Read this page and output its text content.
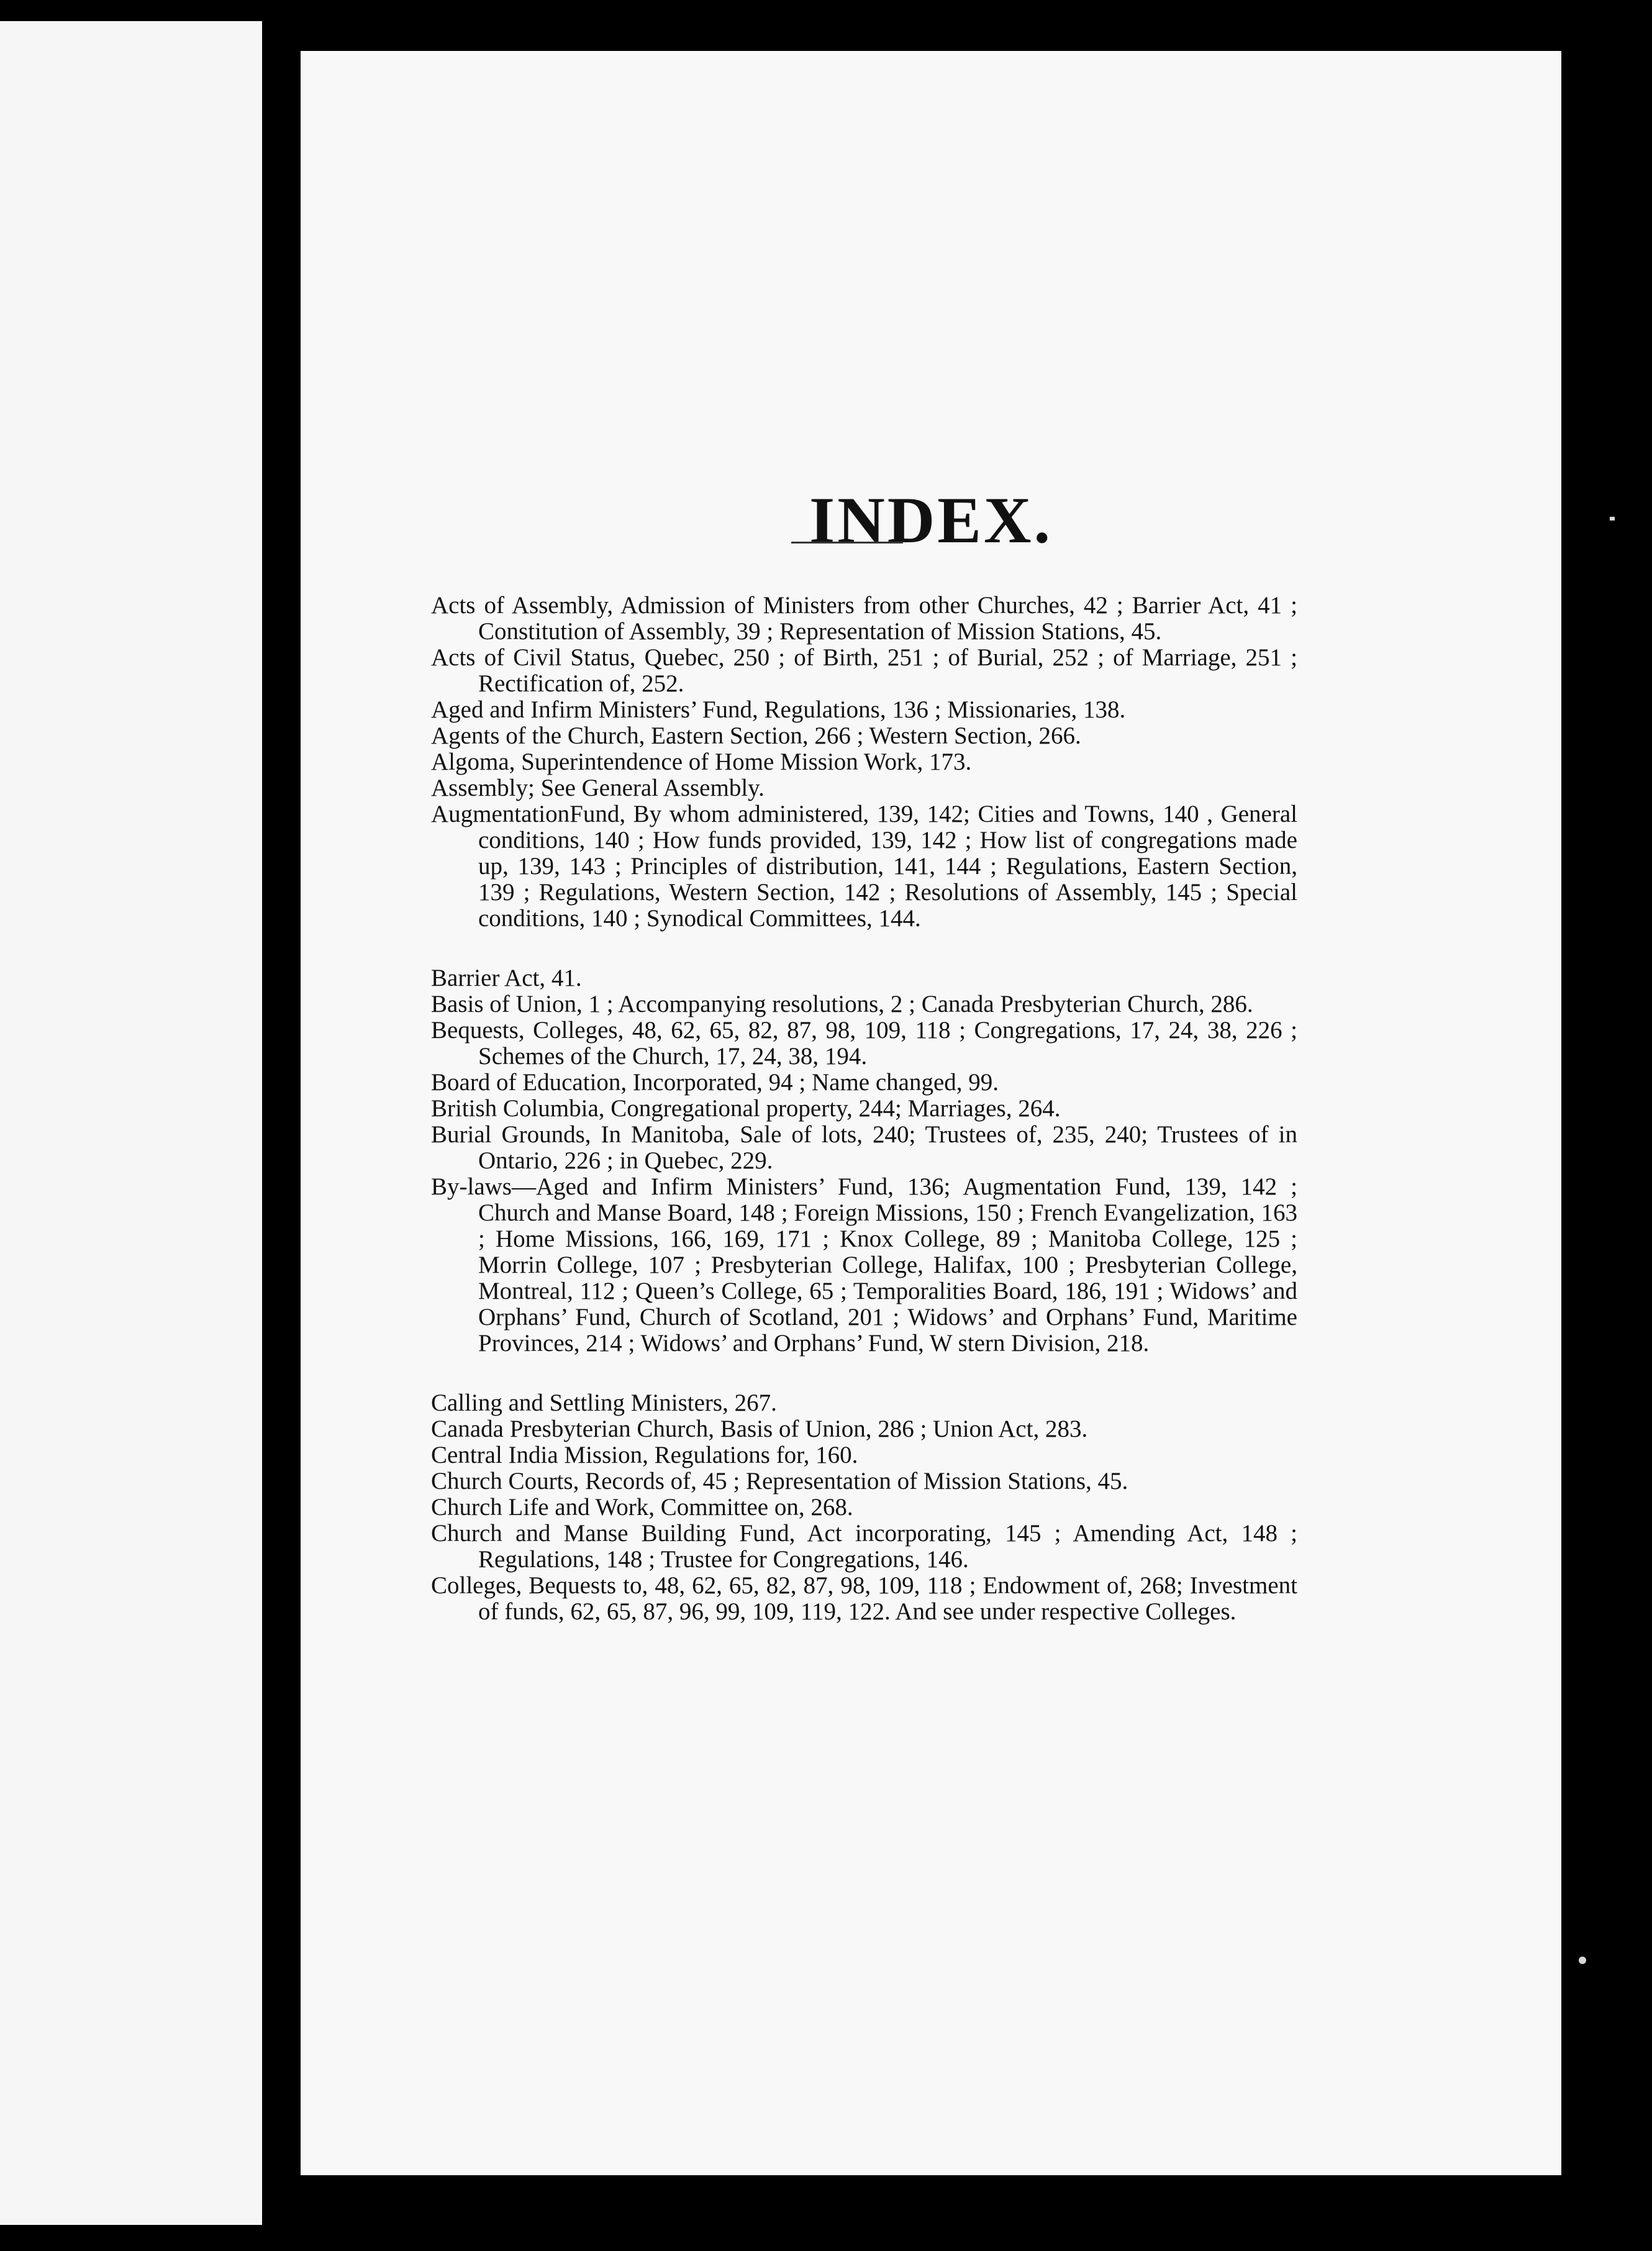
INDEX.

Acts of Assembly, Admission of Ministers from other Churches, 42 ; Barrier Act, 41 ; Constitution of Assembly, 39 ; Representation of Mission Stations, 45.

Acts of Civil Status, Quebec, 250 ; of Birth, 251 ; of Burial, 252 ; of Marriage, 251 ; Rectification of, 252.

Aged and Infirm Ministers’ Fund, Regulations, 136 ; Missionaries, 138.

Agents of the Church, Eastern Section, 266 ; Western Section, 266.

Algoma, Superintendence of Home Mission Work, 173.

Assembly; See General Assembly.

AugmentationFund, By whom administered, 139, 142; Cities and Towns, 140 , General conditions, 140 ; How funds provided, 139, 142 ; How list of congregations made up, 139, 143 ; Principles of distribution, 141, 144 ; Regulations, Eastern Section, 139 ; Regulations, Western Section, 142 ; Resolutions of Assembly, 145 ; Special conditions, 140 ; Synodical Committees, 144.

Barrier Act, 41.

Basis of Union, 1 ; Accompanying resolutions, 2 ; Canada Presbyterian Church, 286.

Bequests, Colleges, 48, 62, 65, 82, 87, 98, 109, 118 ; Congregations, 17, 24, 38, 226 ; Schemes of the Church, 17, 24, 38, 194.

Board of Education, Incorporated, 94 ; Name changed, 99.

British Columbia, Congregational property, 244; Marriages, 264.

Burial Grounds, In Manitoba, Sale of lots, 240; Trustees of, 235, 240; Trustees of in Ontario, 226 ; in Quebec, 229.

By-laws—Aged and Infirm Ministers’ Fund, 136; Augmentation Fund, 139, 142 ; Church and Manse Board, 148 ; Foreign Missions, 150 ; French Evangelization, 163 ; Home Missions, 166, 169, 171 ; Knox College, 89 ; Manitoba College, 125 ; Morrin College, 107 ; Presbyterian College, Halifax, 100 ; Presbyterian College, Montreal, 112 ; Queen’s College, 65 ; Temporalities Board, 186, 191 ; Widows’ and Orphans’ Fund, Church of Scotland, 201 ; Widows’ and Orphans’ Fund, Maritime Provinces, 214 ; Widows’ and Orphans’ Fund, W stern Division, 218.

Calling and Settling Ministers, 267.

Canada Presbyterian Church, Basis of Union, 286 ; Union Act, 283.

Central India Mission, Regulations for, 160.

Church Courts, Records of, 45 ; Representation of Mission Stations, 45.

Church Life and Work, Committee on, 268.

Church and Manse Building Fund, Act incorporating, 145 ; Amending Act, 148 ; Regulations, 148 ; Trustee for Congregations, 146.

Colleges, Bequests to, 48, 62, 65, 82, 87, 98, 109, 118 ; Endowment of, 268; Investment of funds, 62, 65, 87, 96, 99, 109, 119, 122. And see under respective Colleges.
